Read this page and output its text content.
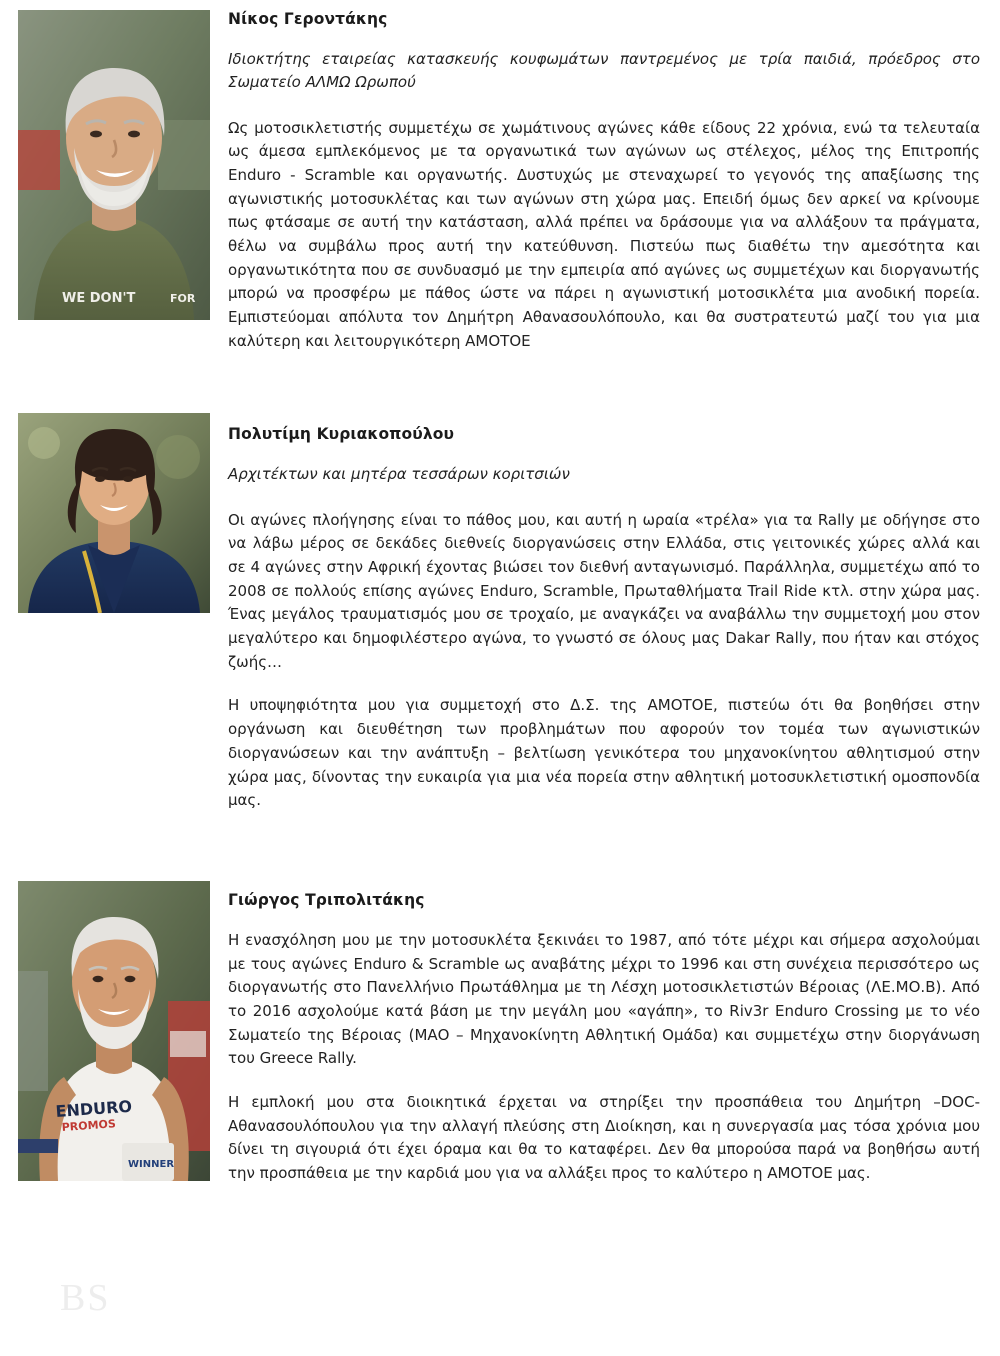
WE DON'T	FOR
Νίκος Γεροντάκης
Ιδιοκτήτης εταιρείας κατασκευής κουφωμάτων παντρεμένος με τρία παιδιά, πρόεδρος στο Σωματείο ΑΛΜΩ Ωρωπού

Ως μοτοσικλετιστής συμμετέχω σε χωμάτινους αγώνες κάθε είδους 22 χρόνια, ενώ τα τελευταία ως άμεσα εμπλεκόμενος με τα οργανωτικά των αγώνων ως στέλεχος, μέλος της Επιτροπής Enduro - Scramble και οργανωτής. Δυστυχώς με στεναχωρεί το γεγονός της απαξίωσης της αγωνιστικής μοτοσυκλέτας και των αγώνων στη χώρα μας. Επειδή όμως δεν αρκεί να κρίνουμε πως φτάσαμε σε αυτή την κατάσταση, αλλά πρέπει να δράσουμε για να αλλάξουν τα πράγματα, θέλω να συμβάλω προς αυτή την κατεύθυνση. Πιστεύω πως διαθέτω την αμεσότητα και οργανωτικότητα που σε συνδυασμό με την εμπειρία από αγώνες ως συμμετέχων και διοργανωτής μπορώ να προσφέρω με πάθος ώστε να πάρει η αγωνιστική μοτοσικλέτα μια ανοδική πορεία. Εμπιστεύομαι απόλυτα τον Δημήτρη Αθανασουλόπουλο, και θα συστρατευτώ μαζί του για μια καλύτερη και λειτουργικότερη ΑΜΟΤΟΕ

Πολυτίμη Κυριακοπούλου
Αρχιτέκτων και μητέρα τεσσάρων κοριτσιών

Οι αγώνες πλοήγησης είναι το πάθος μου, και αυτή η ωραία «τρέλα» για τα Rally με οδήγησε στο να λάβω μέρος σε δεκάδες διεθνείς διοργανώσεις στην Ελλάδα, στις γειτονικές χώρες αλλά και σε 4 αγώνες στην Αφρική έχοντας βιώσει τον διεθνή ανταγωνισμό. Παράλληλα, συμμετέχω από το 2008 σε πολλούς επίσης αγώνες Enduro, Scramble, Πρωταθλήματα Trail Ride κτλ. στην χώρα μας. Ένας μεγάλος τραυματισμός μου σε τροχαίο, με αναγκάζει να αναβάλλω την συμμετοχή μου στον μεγαλύτερο και δημοφιλέστερο αγώνα, το γνωστό σε όλους μας Dakar Rally, που ήταν και στόχος ζωής…

Η υποψηφιότητα μου για συμμετοχή στο Δ.Σ. της ΑΜΟΤΟΕ, πιστεύω ότι θα βοηθήσει στην οργάνωση και διευθέτηση των προβλημάτων που αφορούν τον τομέα των αγωνιστικών διοργανώσεων και την ανάπτυξη – βελτίωση γενικότερα του μηχανοκίνητου αθλητισμού στην χώρα μας, δίνοντας την ευκαιρία για μια νέα πορεία στην αθλητική μοτοσυκλετιστική ομοσπονδία μας.

ENDURO
PROMOS
WINNER
Γιώργος Τριπολιτάκης

Η ενασχόληση μου με την μοτοσυκλέτα ξεκινάει το 1987, από τότε μέχρι και σήμερα ασχολούμαι με τους αγώνες Enduro & Scramble ως αναβάτης μέχρι το 1996 και στη συνέχεια περισσότερο ως διοργανωτής στο Πανελλήνιο Πρωτάθλημα με τη Λέσχη μοτοσικλετιστών Βέροιας (ΛΕ.ΜΟ.Β). Από το 2016 ασχολούμε κατά βάση με την μεγάλη μου «αγάπη», το Riv3r Enduro Crossing με το νέο Σωματείο της Βέροιας (ΜΑΟ – Μηχανοκίνητη Αθλητική Ομάδα) και συμμετέχω στην διοργάνωση του Greece Rally.

Η εμπλοκή μου στα διοικητικά έρχεται να στηρίξει την προσπάθεια του Δημήτρη –DOC- Αθανασουλόπουλου για την αλλαγή πλεύσης στη Διοίκηση, και η συνεργασία μας τόσα χρόνια μου δίνει τη σιγουριά ότι έχει όραμα και θα το καταφέρει. Δεν θα μπορούσα παρά να βοηθήσω αυτή την προσπάθεια με την καρδιά μου για να αλλάξει προς το καλύτερο η ΑΜΟΤΟΕ μας.

BS
